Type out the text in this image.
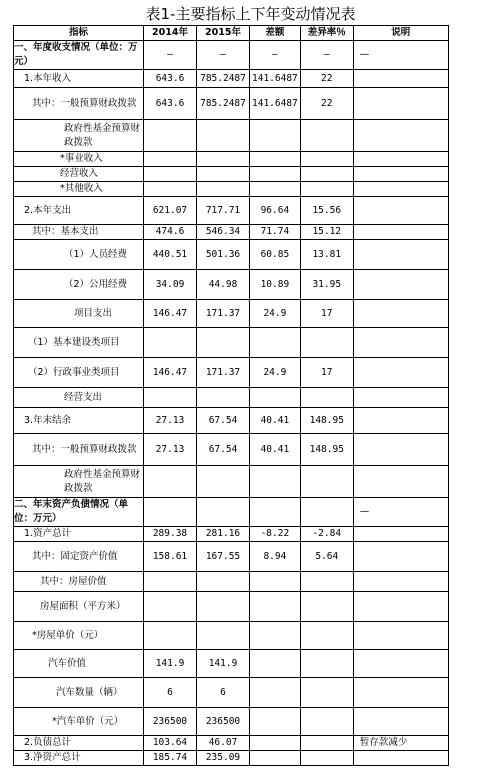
表1-主要指标上下年变动情况表
指标	2014年	2015年	差额	差异率％	说明
一、年度收支情况（单位：万元）	—	—	—	—	—
1.本年收入	643.6	785.2487	141.6487	22	
其中：一般预算财政拨款	643.6	785.2487	141.6487	22	
政府性基金预算财政拨款					
*事业收入					
经营收入					
*其他收入					
2.本年支出	621.07	717.71	96.64	15.56	
其中：基本支出	474.6	546.34	71.74	15.12	
（1）人员经费	440.51	501.36	60.85	13.81	
（2）公用经费	34.09	44.98	10.89	31.95	
项目支出	146.47	171.37	24.9	17	
（1）基本建设类项目					
（2）行政事业类项目	146.47	171.37	24.9	17	
经营支出					
3.年末结余	27.13	67.54	40.41	148.95	
其中：一般预算财政拨款	27.13	67.54	40.41	148.95	
政府性基金预算财政拨款					
二、年末资产负债情况（单位：万元）					—
1.资产总计	289.38	281.16	-8.22	-2.84	
其中：固定资产价值	158.61	167.55	8.94	5.64	
其中：房屋价值					
房屋面积（平方米）					
*房屋单价（元）					
汽车价值	141.9	141.9			
汽车数量（辆）	6	6			
*汽车单价（元）	236500	236500			
2.负债总计	103.64	46.07			暂存款减少
3.净资产总计	185.74	235.09			
